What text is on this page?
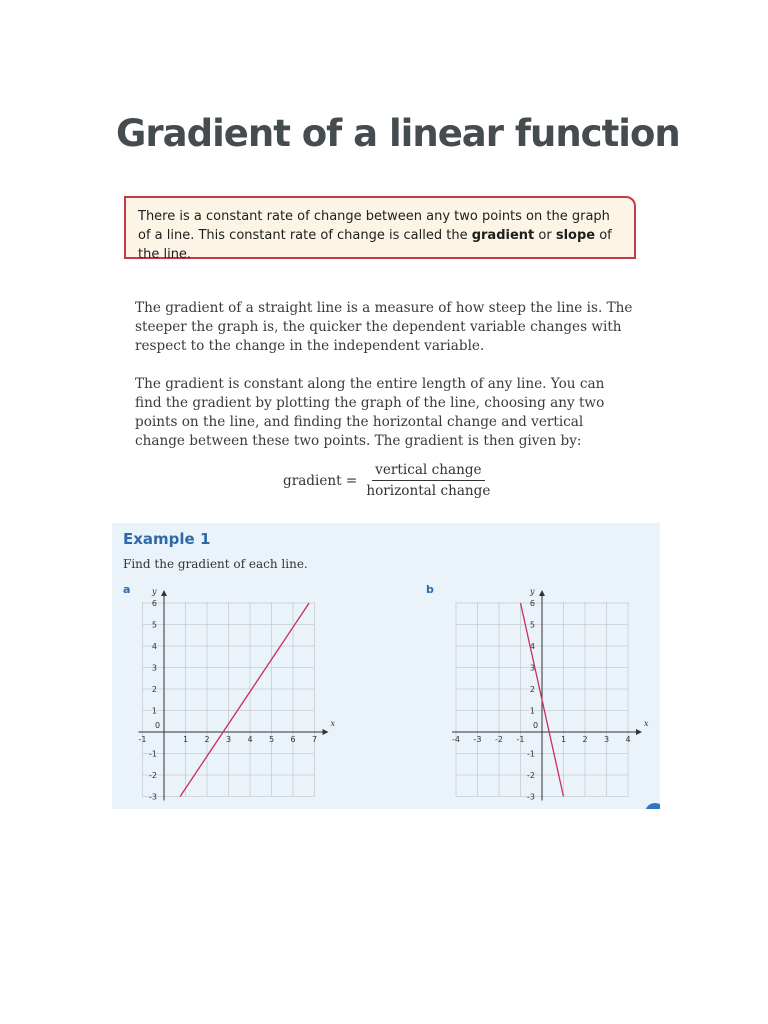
Gradient of a linear function
There is a constant rate of change between any two points on the graph of a line. This constant rate of change is called the gradient or slope of the line.

The gradient of a straight line is a measure of how steep the line is. The steeper the graph is, the quicker the dependent variable changes with respect to the change in the independent variable.

The gradient is constant along the entire length of any line. You can find the gradient by plotting the graph of the line, choosing any two points on the line, and finding the horizontal change and vertical change between these two points. The gradient is then given by:

gradient = $\frac{\text{vertical change}}{\text{horizontal change}}$
Example 1
Find the gradient of each line.
a	b
x
y
0
-1	1 2 3 4 5 6 7
-3
-2
-1
1
2
3
4
5
6
x
y
0
-4 -3 -2 -1	1 2 3 4
-3
-2
-1
1
2
3
4
5
6
